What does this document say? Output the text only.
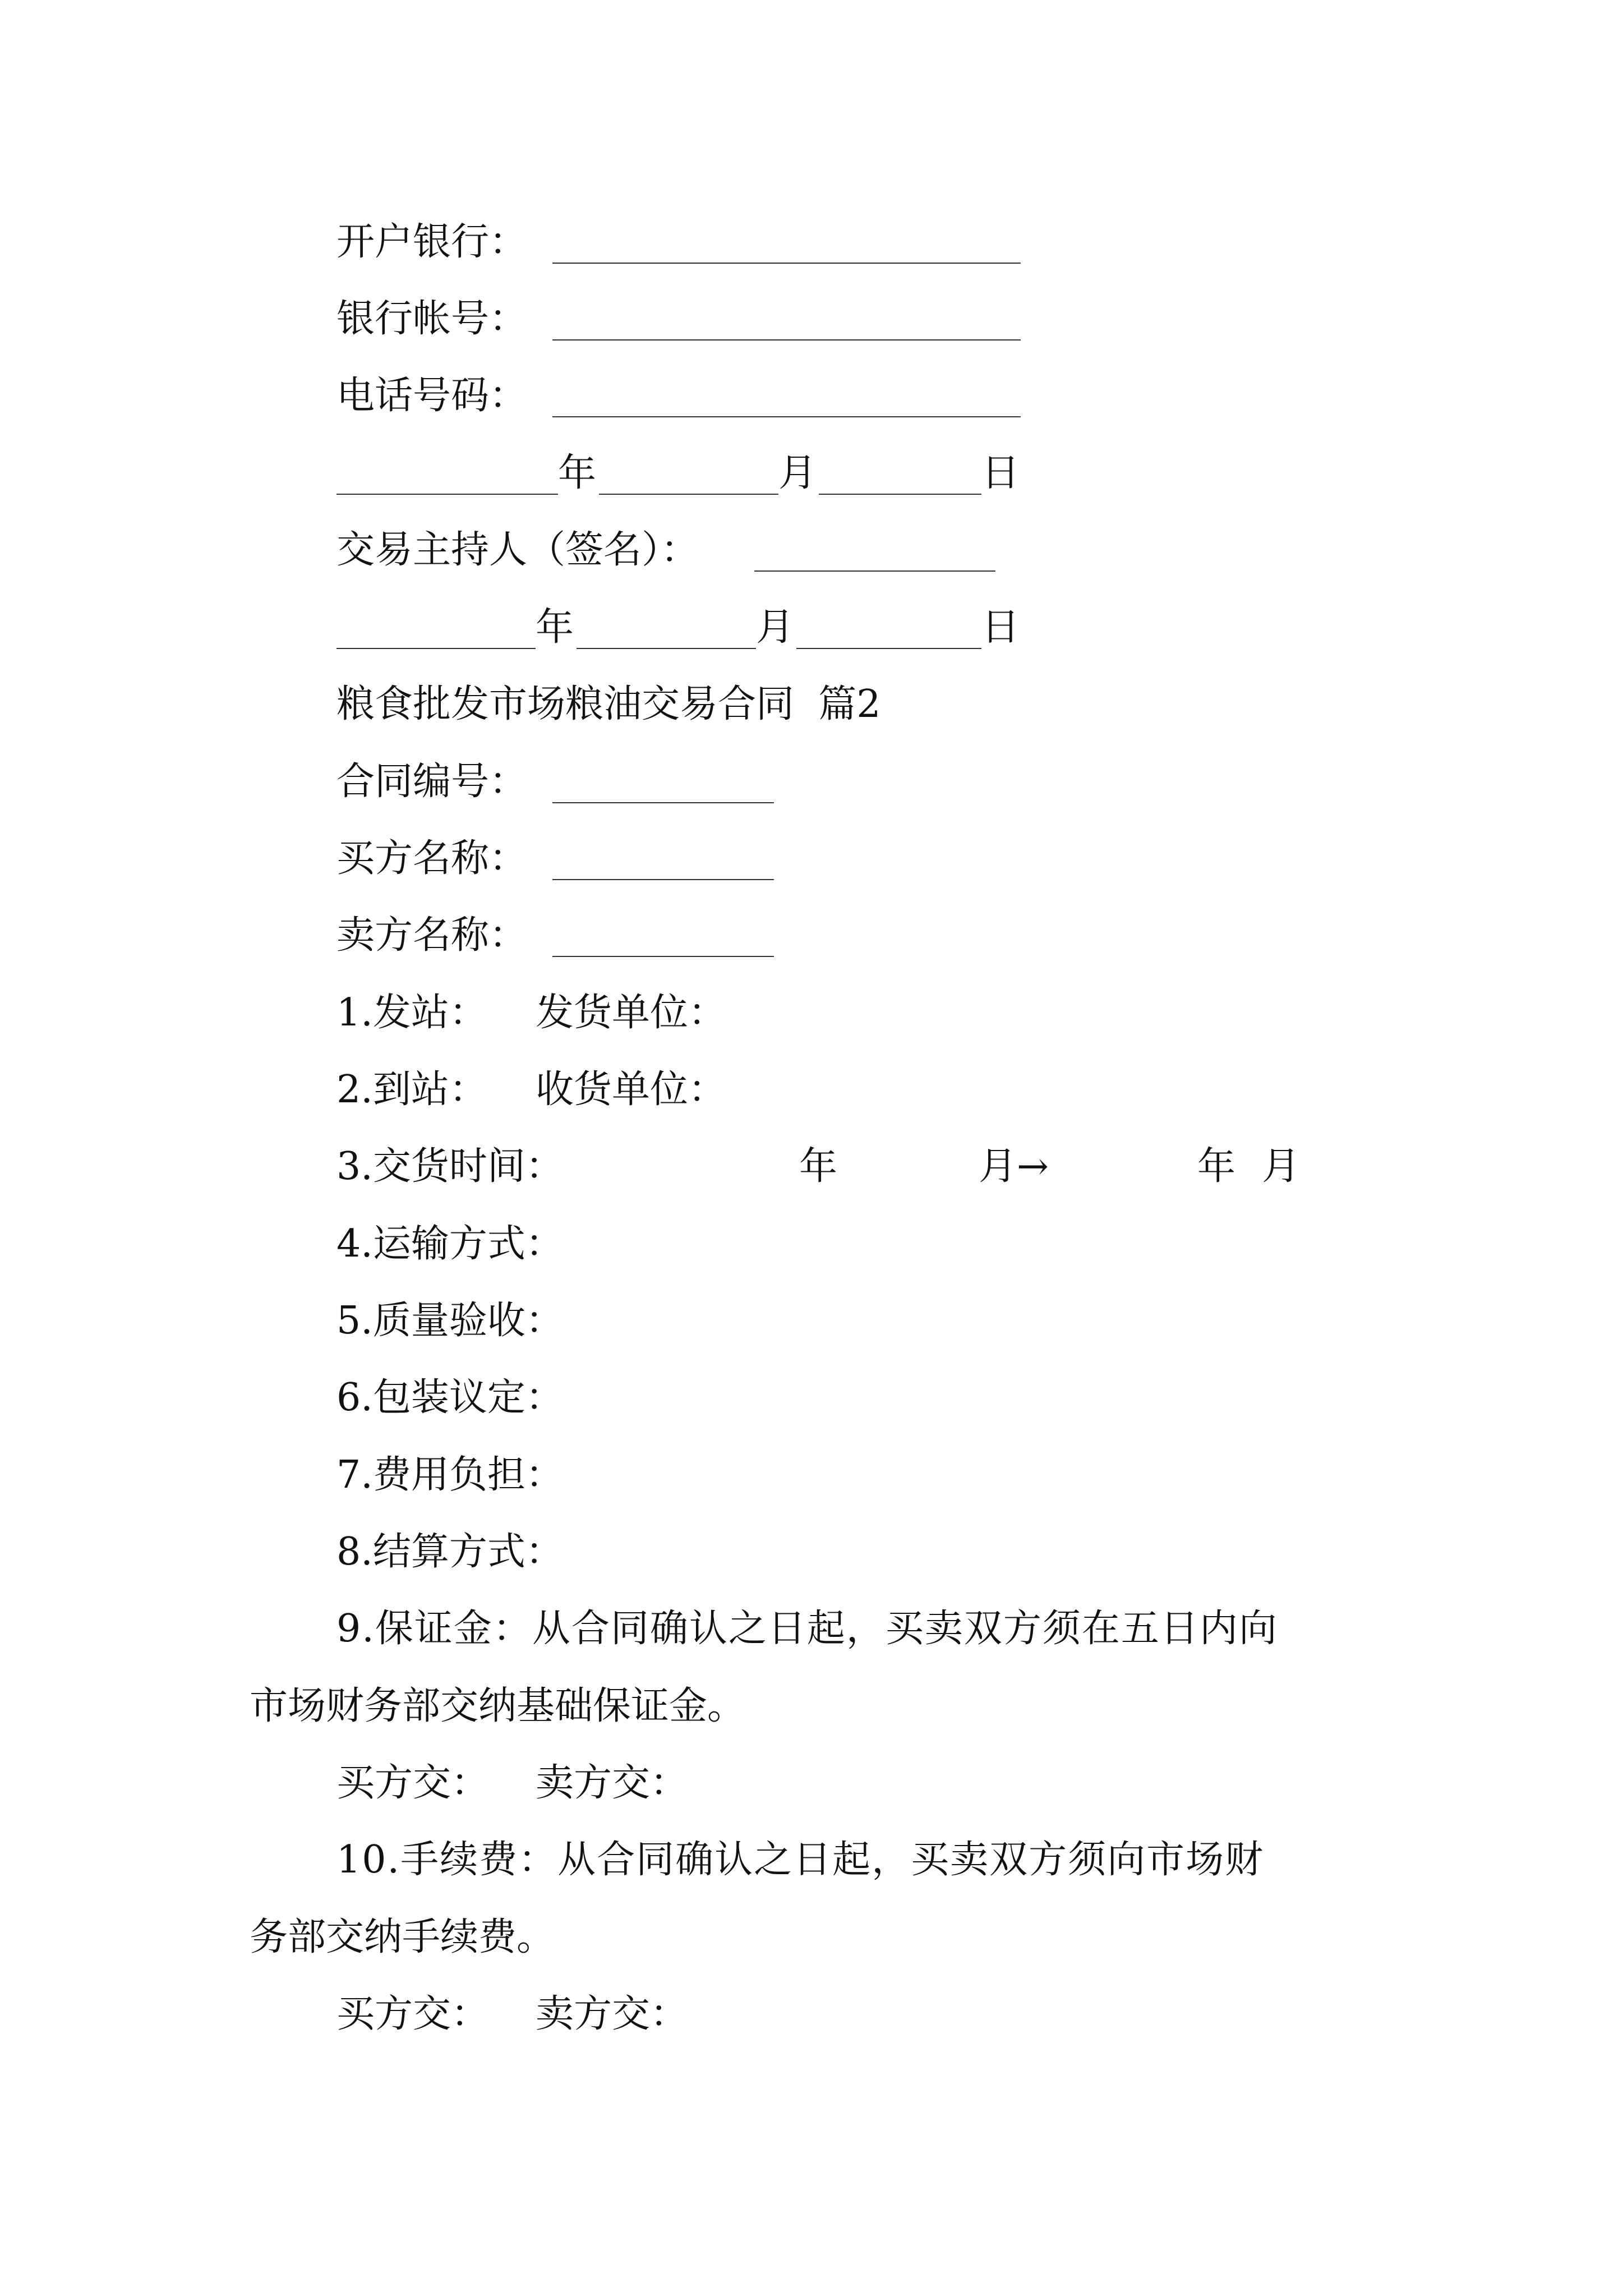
开户银行：
银行帐号：
电话号码：
年	月	日
交易主持人（签名）：
年	月	日
粮食批发市场粮油交易合同  篇2
合同编号：
买方名称：
卖方名称：
1.发站： 发货单位：
2.到站： 收货单位：
3.交货时间：	年	月→	年 月
4.运输方式：
5.质量验收：
6.包装议定：
7.费用负担：
8.结算方式：
9.保证金：从合同确认之日起，买卖双方须在五日内向
市场财务部交纳基础保证金。
买方交： 卖方交：
10.手续费：从合同确认之日起，买卖双方须向市场财
务部交纳手续费。
买方交： 卖方交：
